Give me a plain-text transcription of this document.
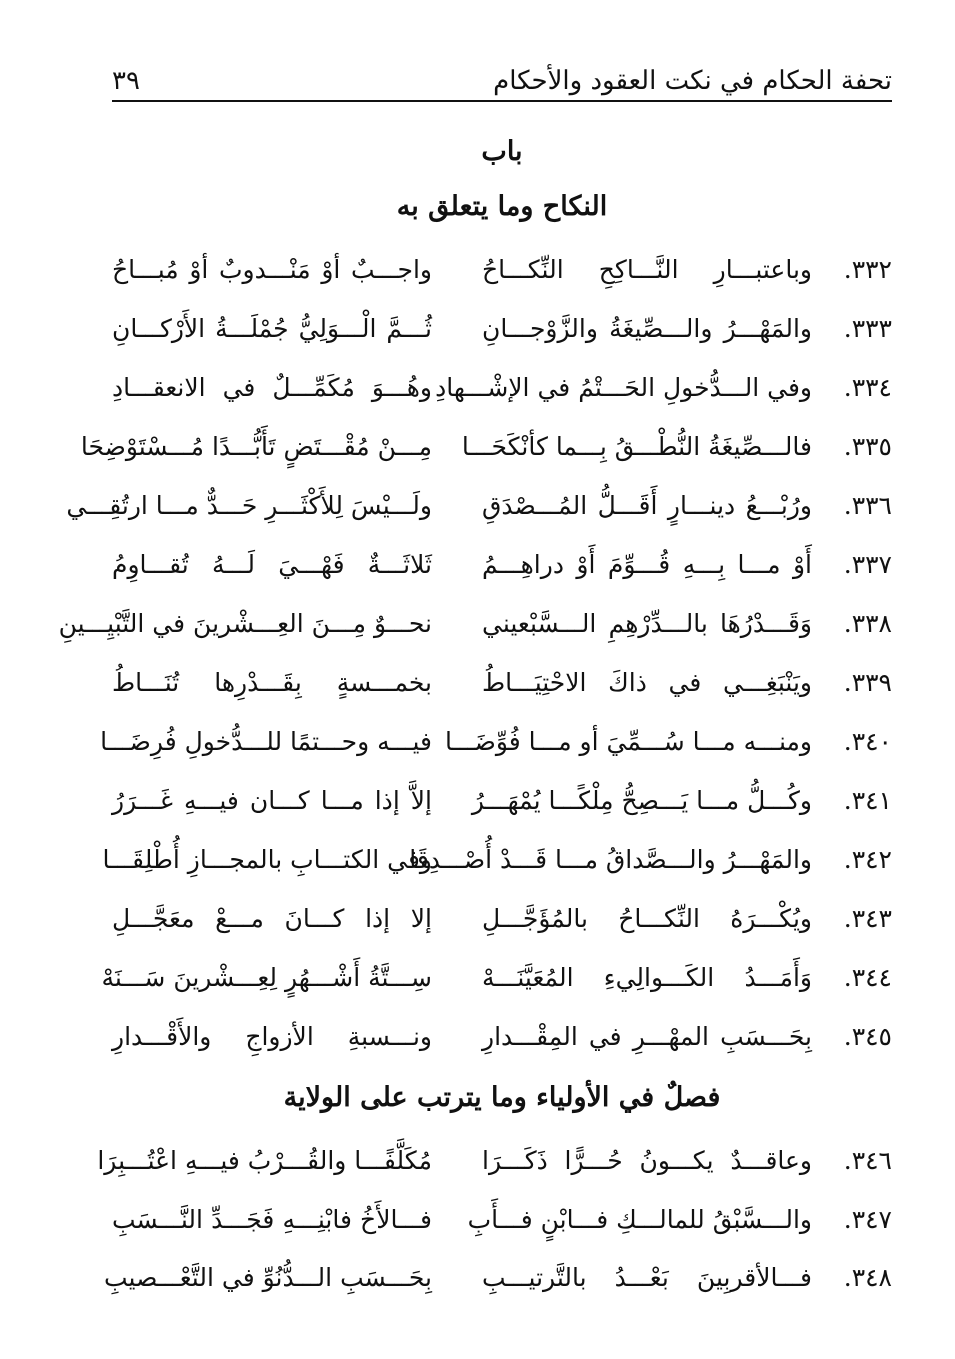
تحفة الحكام في نكت العقود والأحكام
٣٩
باب
النكاح وما يتعلق به
فصلٌ في الأولياء وما يترتب على الولاية
٣٣٢.
وباعتبـــارِ النَّـــاكِحِ النِّكـــاحُ
واجـــبٌ أوْ مَنْـــدوبٌ أوْ مُبـــاحُ
٣٣٣.
والمَهْـــرُ والـــصِّيغَةُ والزَّوْجـــانِ
ثُـــمَّ الْـــوَلِيُّ جُمْلَـــةُ الأَرْكـــانِ
٣٣٤.
وفي الـــدُّخولِ الحَـــتْمُ في الإشْـــهادِ
وهُـــوَ مُكَمِّـــلٌ في الانعقـــادِ
٣٣٥.
فالـــصِّيغَةُ النُّطْـــقُ بِـــما كأنْكَحَـــا
مِـــنْ مُقْـــتَضٍ تَأَبُّـــدًا مُـــسْتَوْضِحَا
٣٣٦.
ورُبْـــعُ دينـــارٍ أَقَـــلُّ المُـــصْدَقِ
ولَـــيْسَ لِلأَكْثَـــرِ حَـــدٌّ مـــا ارتُقِـــي
٣٣٧.
أَوْ مـــا بِـــهِ قُـــوِّمَ أَوْ دراهِـــمُ
ثَلاثَـــةٌ فَهْـــيَ لَـــهُ تُقـــاوِمُ
٣٣٨.
وَقَـــدْرُهَا بالـــدِّرْهِمِ الـــسَّبْعيني
نحـــوٌ مِـــنَ العِـــشْرينَ في التَّبْيِـــينِ
٣٣٩.
ويَنْبَغِـــي في ذاكَ الاحْتِيَـــاطُ
بخمـــسةٍ بِقَـــدْرِها تُنَـــاطُ
٣٤٠.
ومنـــه مـــا سُـــمِّيَ أو مـــا فُوِّضَـــا
فيـــه وحـــتمًا للـــدُّخولِ فُرِضَـــا
٣٤١.
وكُـــلُّ مـــا يَـــصِحُّ مِلْكًـــا يُمْهَـــرُ
إلاَّ إذا مـــا كـــان فيـــهِ غَـــرَرُ
٣٤٢.
والمَهْـــرُ والـــصَّداقُ مـــا قَـــدْ أُصْـــدِقَا
وفي الكتـــابِ بالمجـــازِ أُطْلِقَـــا
٣٤٣.
ويُكْـــرَهُ النِّكـــاحُ بالمُؤَجَّـــلِ
إلا إذا كـــانَ مـــعْ معَجَّـــلِ
٣٤٤.
وَأَمَـــدُ الكَـــوالِيءِ المُعَيَّنَـــهْ
سِـــتَّةُ أَشْـــهُرٍ لِعِـــشْرينَ سَـــنَهْ
٣٤٥.
بِحَـــسَبِ المهْـــرِ في المِقْـــدارِ
ونـــسبةِ الأزواجِ والأَقْـــدارِ
٣٤٦.
وعاقـــدٌ يكـــونُ حُـــرًّا ذَكَـــرَا
مُكَلَّفًـــا والقُـــرْبُ فيـــهِ اعْتُـــبِرَا
٣٤٧.
والـــسَّبْقُ للمالـــكِ فـــابْنٍ فـــأَبِ
فـــالأَخُ فابْنِـــهِ فَجَـــدِّ النَّـــسَبِ
٣٤٨.
فـــالأقربِينَ بَعْـــدُ بالتَّرتيـــبِ
بِحَـــسَبِ الـــدُّنُوِّ في التَّعْـــصيبِ
